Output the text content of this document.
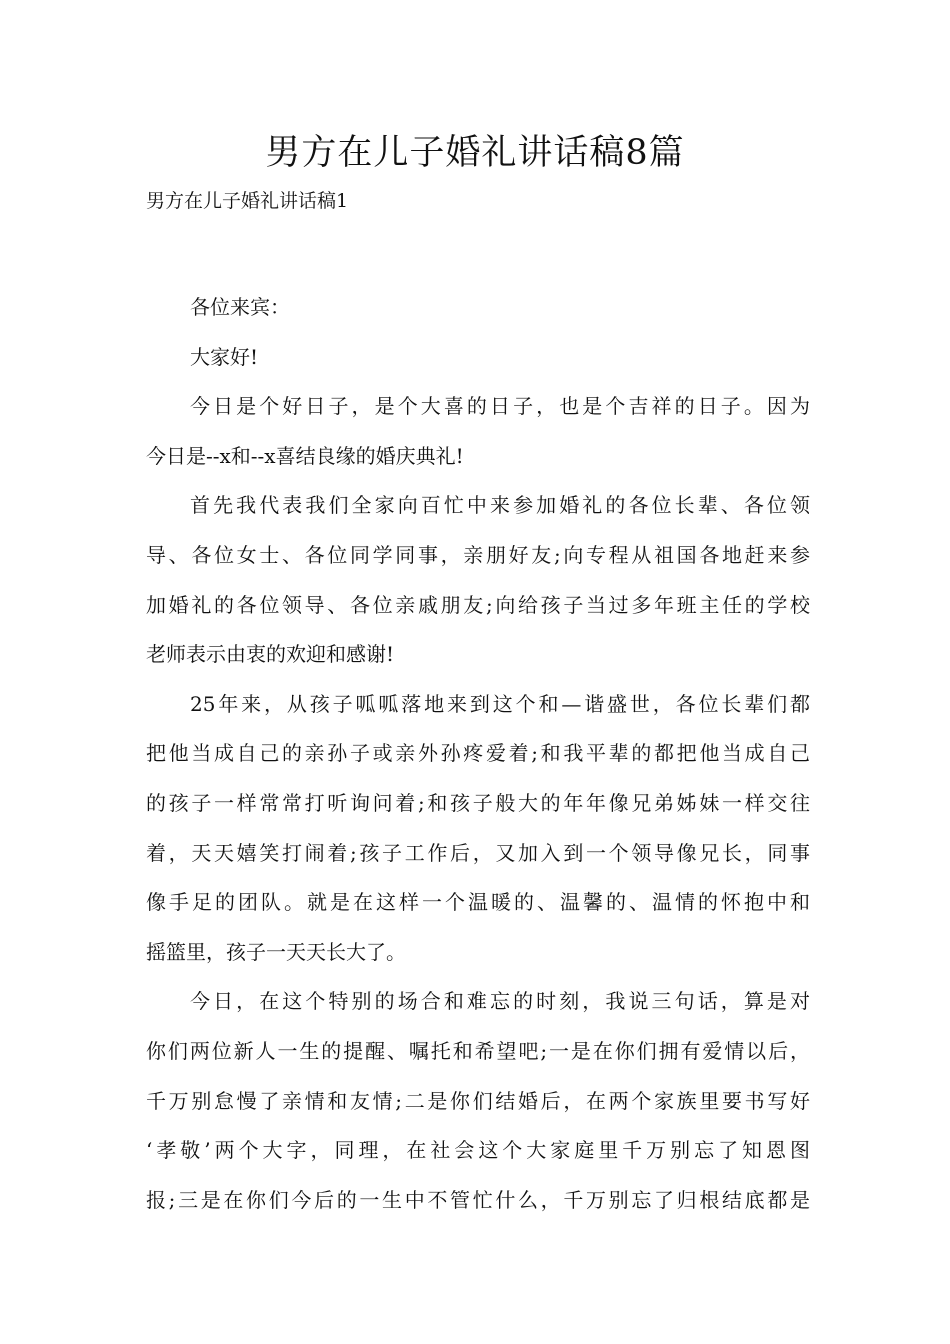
男方在儿子婚礼讲话稿8篇

男方在儿子婚礼讲话稿1

各位来宾：
大家好!
今日是个好日子，是个大喜的日子，也是个吉祥的日子。因为
今日是--x和--x喜结良缘的婚庆典礼!
首先我代表我们全家向百忙中来参加婚礼的各位长辈、各位领
导、各位女士、各位同学同事，亲朋好友;向专程从祖国各地赶来参
加婚礼的各位领导、各位亲戚朋友;向给孩子当过多年班主任的学校
老师表示由衷的欢迎和感谢!
25年来，从孩子呱呱落地来到这个和—谐盛世，各位长辈们都
把他当成自己的亲孙子或亲外孙疼爱着;和我平辈的都把他当成自己
的孩子一样常常打听询问着;和孩子般大的年年像兄弟姊妹一样交往
着，天天嬉笑打闹着;孩子工作后，又加入到一个领导像兄长，同事
像手足的团队。就是在这样一个温暖的、温馨的、温情的怀抱中和
摇篮里，孩子一天天长大了。
今日，在这个特别的场合和难忘的时刻，我说三句话，算是对
你们两位新人一生的提醒、嘱托和希望吧;一是在你们拥有爱情以后，
千万别怠慢了亲情和友情;二是你们结婚后，在两个家族里要书写好
‘孝敬’两个大字，同理，在社会这个大家庭里千万别忘了知恩图
报;三是在你们今后的一生中不管忙什么，千万别忘了归根结底都是
